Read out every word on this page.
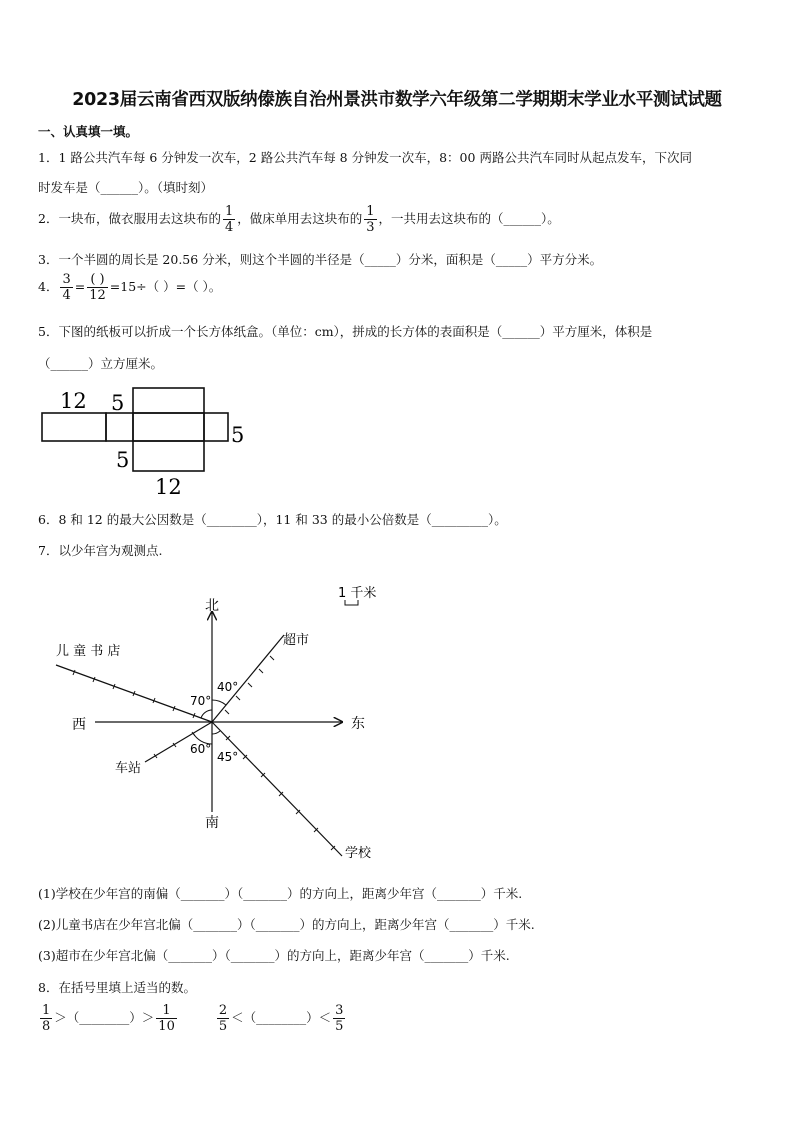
2023届云南省西双版纳傣族自治州景洪市数学六年级第二学期期末学业水平测试试题
一、认真填一填。
1．1 路公共汽车每 6 分钟发一次车，2 路公共汽车每 8 分钟发一次车，8：00 两路公共汽车同时从起点发车，下次同
时发车是（______）。（填时刻）
2．一块布，做衣服用去这块布的 $\frac{1}{4}$ ，做床单用去这块布的 $\frac{1}{3}$ ，一共用去这块布的（______）。
3．一个半圆的周长是 20.56 分米，则这个半圆的半径是（_____）分米，面积是（_____）平方分米。
4． $\frac{3}{4} = \frac{( )}{12} =15\div$（ ）=（ ）。
5．下图的纸板可以折成一个长方体纸盒。（单位：cm），拼成的长方体的表面积是（______）平方厘米，体积是
（______）立方厘米。
12 5
5
5
12
6．8 和 12 的最大公因数是（________），11 和 33 的最小公倍数是（_________）。
7．以少年宫为观测点.
1 千米
北
南
东
西
超市
儿 童 书 店
车站
学校
40°
70°
60°
45°
(1)学校在少年宫的南偏（_______）（_______）的方向上，距离少年宫（_______）千米.
(2)儿童书店在少年宫北偏（_______）（_______）的方向上，距离少年宫（_______）千米.
(3)超市在少年宫北偏（_______）（_______）的方向上，距离少年宫（_______）千米.
8．在括号里填上适当的数。
$\frac{1}{8}$ ＞（________）＞ $\frac{1}{10}$	$\frac{2}{5}$ ＜（________）＜ $\frac{3}{5}$
